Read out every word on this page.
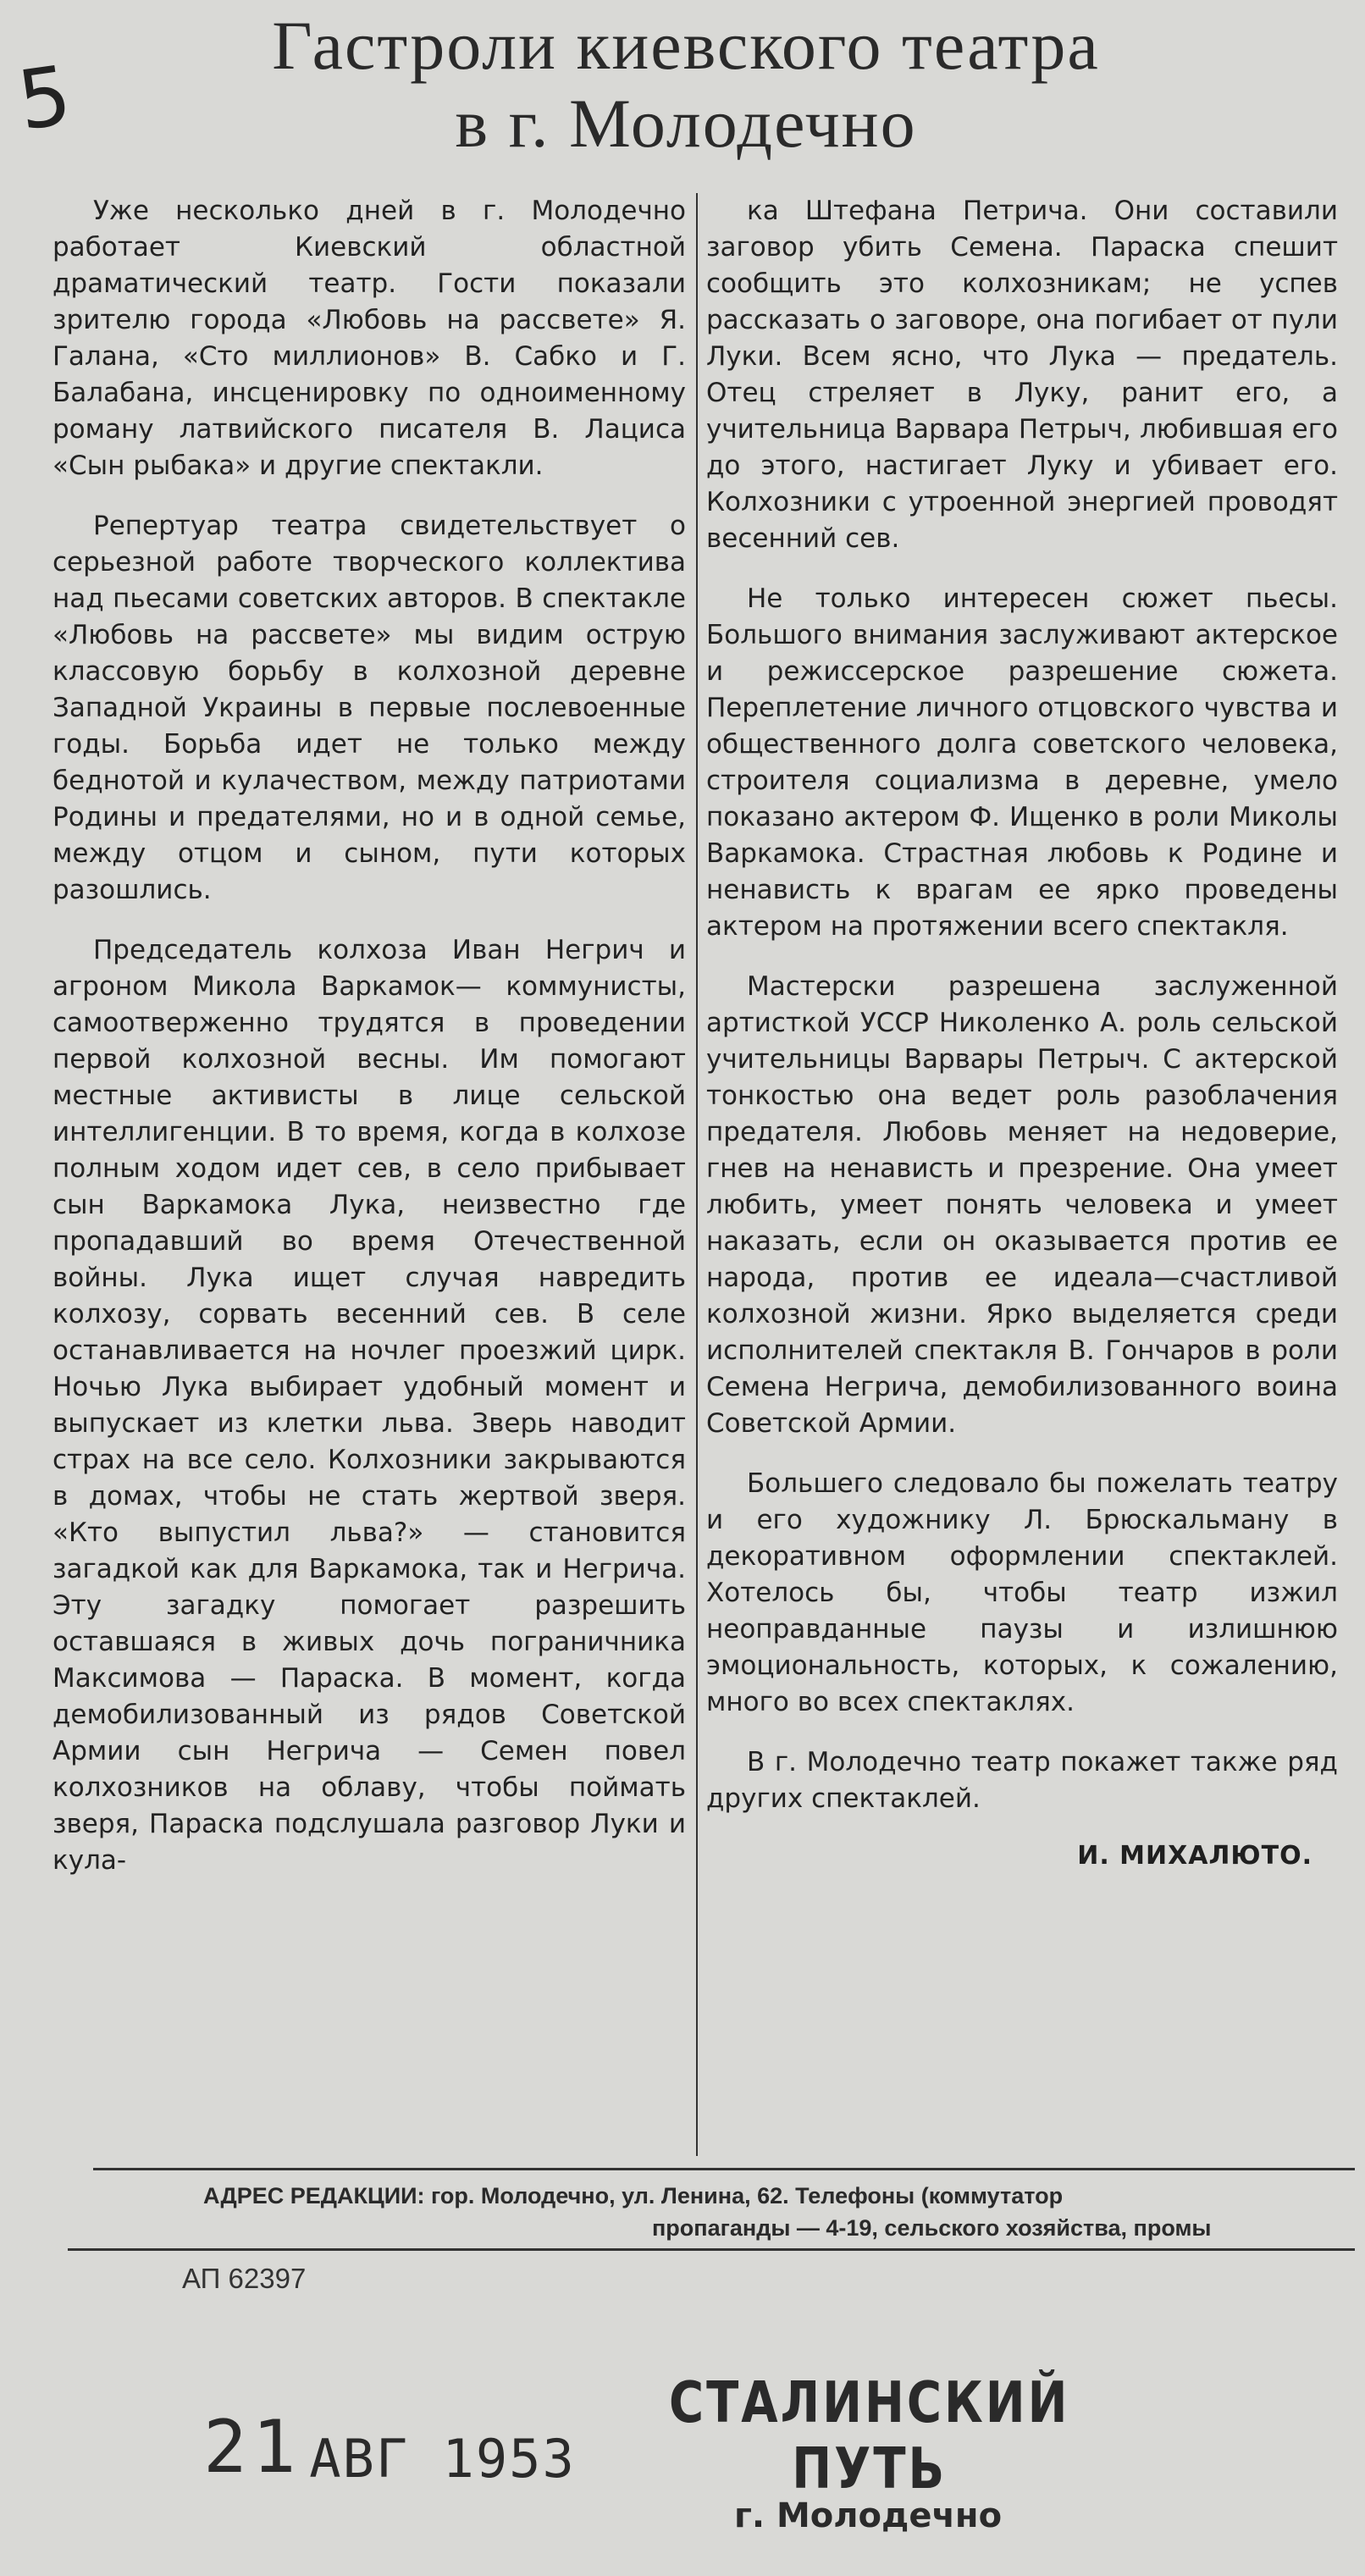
5
Гастроли киевского театра
в г. Молодечно

Уже несколько дней в г. Молодечно работает Киевский областной драматический театр. Гости показали зрителю города «Любовь на рассвете» Я. Галана, «Сто миллионов» В. Сабко и Г. Балабана, инсценировку по одноименному роману латвийского писателя В. Лациса «Сын рыбака» и другие спектакли.

Репертуар театра свидетельствует о серьезной работе творческого коллектива над пьесами советских авторов. В спектакле «Любовь на рассвете» мы видим острую классовую борьбу в колхозной деревне Западной Украины в первые послевоенные годы. Борьба идет не только между беднотой и кулачеством, между патриотами Родины и предателями, но и в одной семье, между отцом и сыном, пути которых разошлись.

Председатель колхоза Иван Негрич и агроном Микола Варкамок— коммунисты, самоотверженно трудятся в проведении первой колхозной весны. Им помогают местные активисты в лице сельской интеллигенции. В то время, когда в колхозе полным ходом идет сев, в село прибывает сын Варкамока Лука, неизвестно где пропадавший во время Отечественной войны. Лука ищет случая навредить колхозу, сорвать весенний сев. В селе останавливается на ночлег проезжий цирк. Ночью Лука выбирает удобный момент и выпускает из клетки льва. Зверь наводит страх на все село. Колхозники закрываются в домах, чтобы не стать жертвой зверя. «Кто выпустил льва?» — становится загадкой как для Варкамока, так и Негрича. Эту загадку помогает разрешить оставшаяся в живых дочь пограничника Максимова — Параска. В момент, когда демобилизованный из рядов Советской Армии сын Негрича — Семен повел колхозников на облаву, чтобы поймать зверя, Параска подслушала разговор Луки и кула-

ка Штефана Петрича. Они составили заговор убить Семена. Параска спешит сообщить это колхозникам; не успев рассказать о заговоре, она погибает от пули Луки. Всем ясно, что Лука — предатель. Отец стреляет в Луку, ранит его, а учительница Варвара Петрыч, любившая его до этого, настигает Луку и убивает его. Колхозники с утроенной энергией проводят весенний сев.

Не только интересен сюжет пьесы. Большого внимания заслуживают актерское и режиссерское разрешение сюжета. Переплетение личного отцовского чувства и общественного долга советского человека, строителя социализма в деревне, умело показано актером Ф. Ищенко в роли Миколы Варкамока. Страстная любовь к Родине и ненависть к врагам ее ярко проведены актером на протяжении всего спектакля.

Мастерски разрешена заслуженной артисткой УССР Николенко А. роль сельской учительницы Варвары Петрыч. С актерской тонкостью она ведет роль разоблачения предателя. Любовь меняет на недоверие, гнев на ненависть и презрение. Она умеет любить, умеет понять человека и умеет наказать, если он оказывается против ее народа, против ее идеала—счастливой колхозной жизни. Ярко выделяется среди исполнителей спектакля В. Гончаров в роли Семена Негрича, демобилизованного воина Советской Армии.

Большего следовало бы пожелать театру и его художнику Л. Брюскальману в декоративном оформлении спектаклей. Хотелось бы, чтобы театр изжил неоправданные паузы и излишнюю эмоциональность, которых, к сожалению, много во всех спектаклях.

В г. Молодечно театр покажет также ряд других спектаклей.

И. МИХАЛЮТО.
АДРЕС РЕДАКЦИИ: гор. Молодечно, ул. Ленина, 62. Телефоны (коммутатор
пропаганды — 4-19, сельского хозяйства, промы
АП 62397
21 АВГ 1953
СТАЛИНСКИЙ ПУТЬ
г. Молодечно
